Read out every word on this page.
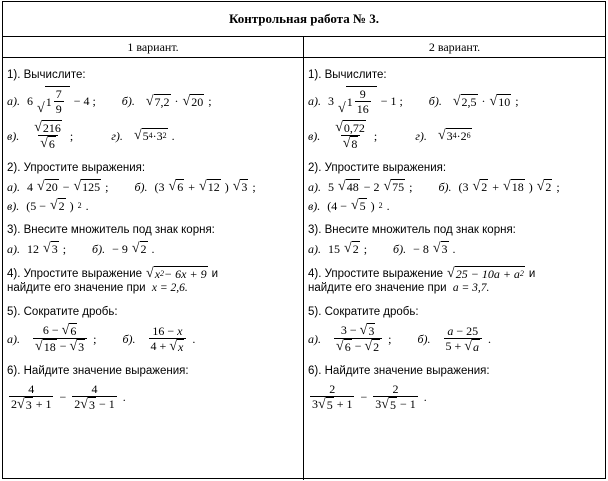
Контрольная работа № 3.
1 вариант.
1). Вычислите:
а). 6 √ $1 \frac{7}{9}$
− 4 ; б).
√ 7,2 · √ 20 ;
в).
$\frac{√ 216}{√ 6}$ ;	г).
√ 5 4 ·3 2 .
2). Упростите выражения:
а). 4 √ 20 − √ 125 ; б). (3 √ 6 + √ 12 ) √ 3 ;
в). (5 − √ 2 ) 2 .
3). Внесите множитель под знак корня:
а). 12 √ 3 ; б). − 9 √ 2 .
4). Упростите выражение √ x 2 − 6x + 9 и
найдите его значение при x = 2,6.
5). Сократите дробь:
а).
$\frac{6 - √ 6}{√ 18 - √ 3}$ ; б).
$\frac{16 - x}{4 + √ x}$ .
6). Найдите значение выражения:
$\frac{4}{2 √ 3 + 1} - \frac{4}{2 √ 3 - 1}$ .
2 вариант.
1). Вычислите:
а). 3 √ $1 \frac{9}{16}$
− 1 ; б).
√ 2,5 · √ 10 ;
в).
$\frac{√ 0,72}{√ 8}$ ;	г).
√ 3 4 ·2 6
2). Упростите выражения:
а). 5 √ 48 − 2 √ 75 ; б). (3 √ 2 + √ 18 ) √ 2 ;
в). (4 − √ 5 ) 2 .
3). Внесите множитель под знак корня:
а). 15 √ 2 ; б). − 8 √ 3 .
4). Упростите выражение √ 25 − 10a + a 2 и
найдите его значение при a = 3,7.
5). Сократите дробь:
а).
$\frac{3 - √ 3}{√ 6 - √ 2}$ ; б).
$\frac{a - 25}{5 + √ a}$ .
6). Найдите значение выражения:
$\frac{2}{3 √ 5 + 1} - \frac{2}{3 √ 5 - 1}$ .
